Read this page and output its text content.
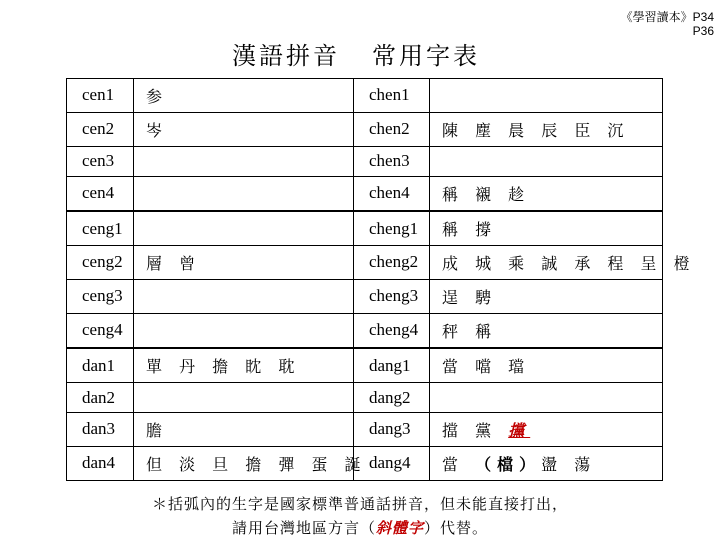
《學習讀本》P34
P36
漢語拼音 常用字表
cen1	参	chen1	
cen2	岑	chen2	陳 塵 晨 辰 臣 沉
cen3		chen3	
cen4		chen4	稱 襯 趁

ceng1		cheng1	稱 撐
ceng2	層 曾	cheng2	成 城 乘 誠 承 程 呈 橙
ceng3		cheng3	逞 騁
ceng4		cheng4	秤 稱

dan1	單 丹 擔 眈 耽	dang1	當 噹 璫
dan2		dang2	
dan3	膽	dang3	擋 黨 攩
dan4	但 淡 旦 擔 彈 蛋 誕	dang4	當 （檔）盪 蕩
＊括弧內的生字是國家標準普通話拼音，但未能直接打出，
請用台灣地區方言（斜體字）代替。
